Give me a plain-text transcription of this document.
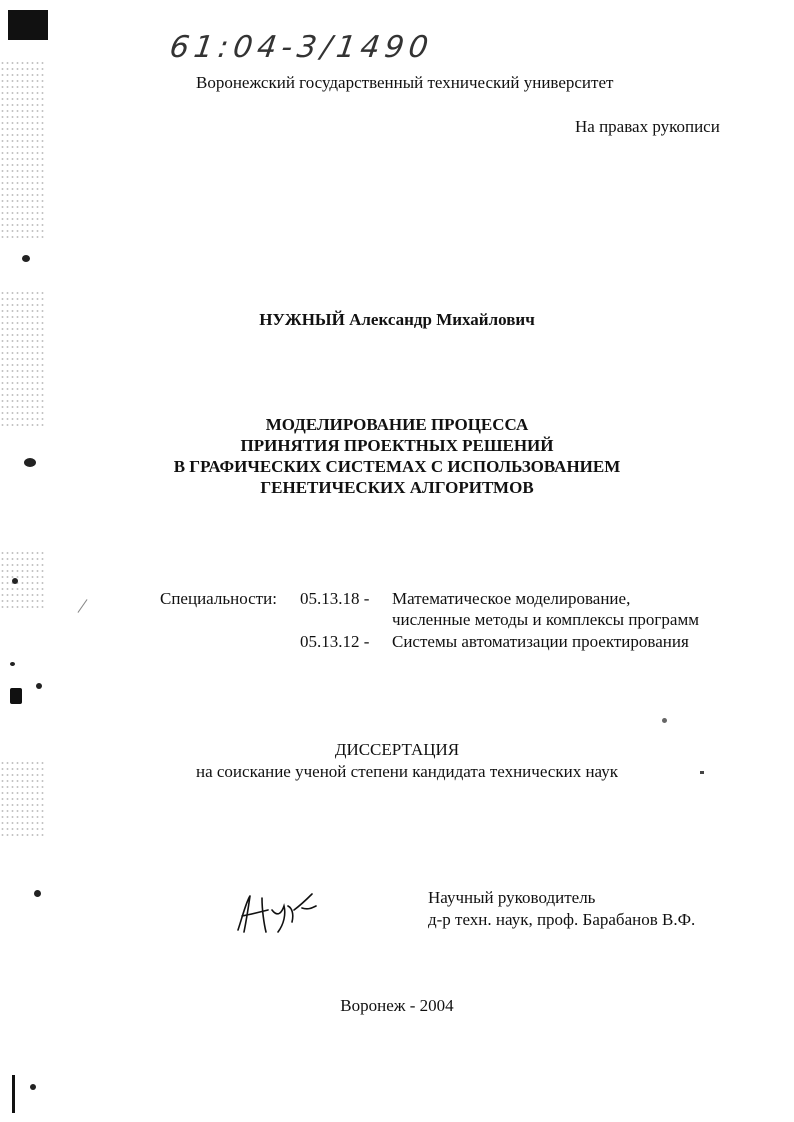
61:04-3/1490
Воронежский государственный технический университет
На правах рукописи
НУЖНЫЙ Александр Михайлович
МОДЕЛИРОВАНИЕ ПРОЦЕССА
ПРИНЯТИЯ ПРОЕКТНЫХ РЕШЕНИЙ
В ГРАФИЧЕСКИХ СИСТЕМАХ С ИСПОЛЬЗОВАНИЕМ
ГЕНЕТИЧЕСКИХ АЛГОРИТМОВ
Специальности: 05.13.18 - Математическое моделирование,
численные методы и комплексы программ
05.13.12 - Системы автоматизации проектирования
ДИССЕРТАЦИЯ
на соискание ученой степени кандидата технических наук
Научный руководитель
д-р техн. наук, проф. Барабанов В.Ф.
Воронеж - 2004
